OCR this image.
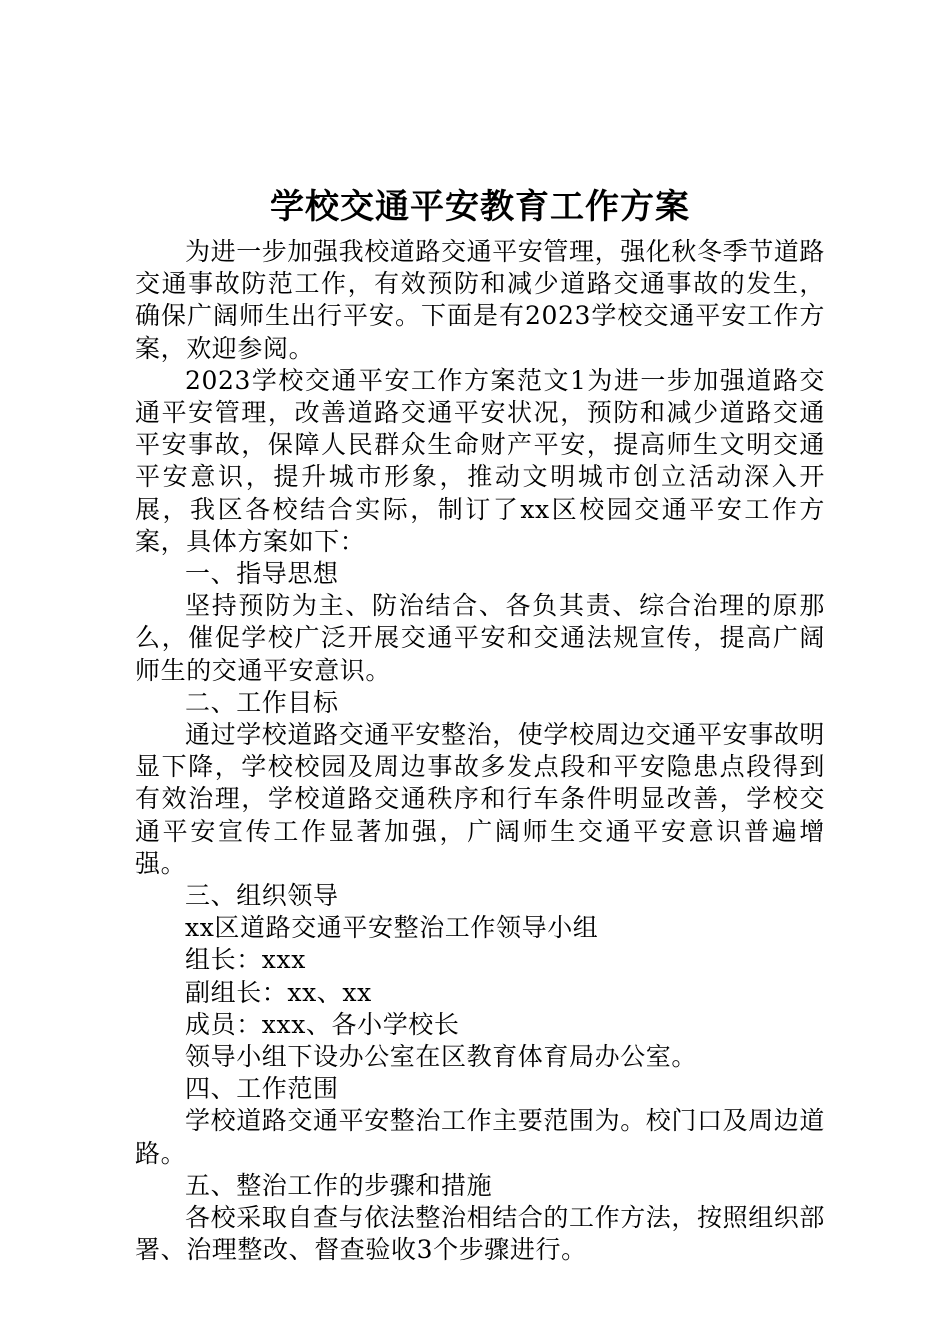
学校交通平安教育工作方案

为进一步加强我校道路交通平安管理，强化秋冬季节道路交通事故防范工作，有效预防和减少道路交通事故的发生，确保广阔师生出行平安。下面是有2023学校交通平安工作方案，欢迎参阅。

2023学校交通平安工作方案范文1为进一步加强道路交通平安管理，改善道路交通平安状况，预防和减少道路交通平安事故，保障人民群众生命财产平安，提高师生文明交通平安意识，提升城市形象，推动文明城市创立活动深入开展，我区各校结合实际，制订了xx区校园交通平安工作方案，具体方案如下：

一、指导思想

坚持预防为主、防治结合、各负其责、综合治理的原那么，催促学校广泛开展交通平安和交通法规宣传，提高广阔师生的交通平安意识。

二、工作目标

通过学校道路交通平安整治，使学校周边交通平安事故明显下降，学校校园及周边事故多发点段和平安隐患点段得到有效治理，学校道路交通秩序和行车条件明显改善，学校交通平安宣传工作显著加强，广阔师生交通平安意识普遍增强。

三、组织领导

xx区道路交通平安整治工作领导小组

组长：xxx

副组长：xx、xx

成员：xxx、各小学校长

领导小组下设办公室在区教育体育局办公室。

四、工作范围

学校道路交通平安整治工作主要范围为。校门口及周边道路。

五、整治工作的步骤和措施

各校采取自查与依法整治相结合的工作方法，按照组织部署、治理整改、督查验收3个步骤进行。
